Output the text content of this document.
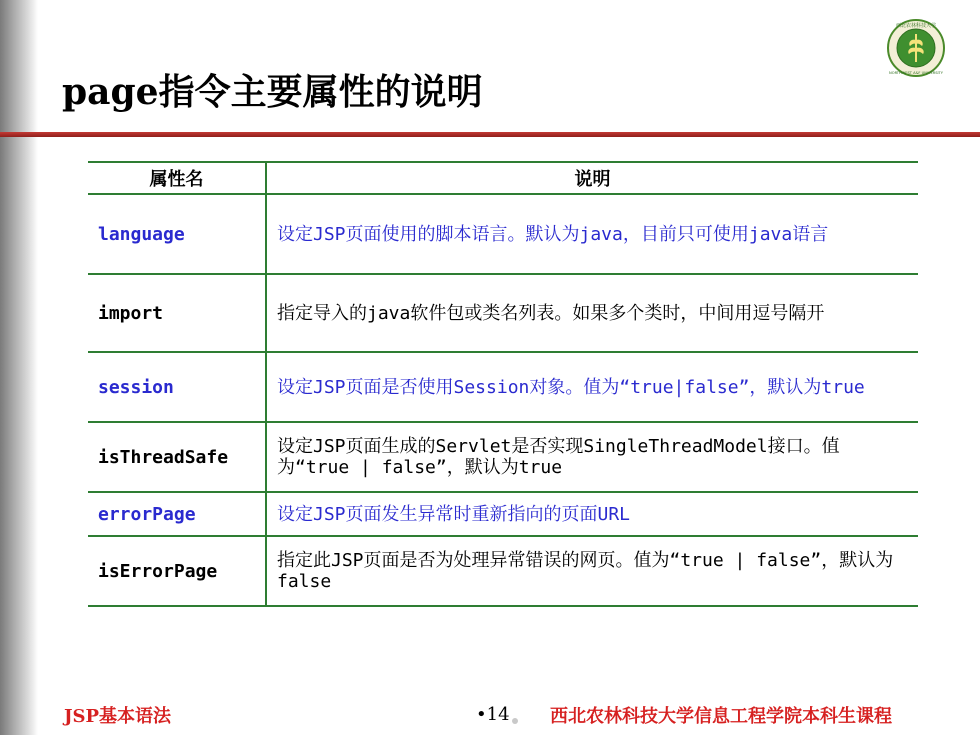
page指令主要属性的说明
西北农林科技大学
NORTHWEST A&F UNIVERSITY
属性名	说明
language	设定JSP页面使用的脚本语言。默认为java，目前只可使用java语言
import	指定导入的java软件包或类名列表。如果多个类时，中间用逗号隔开
session	设定JSP页面是否使用Session对象。值为“true|false”，默认为true
isThreadSafe	设定JSP页面生成的Servlet是否实现SingleThreadModel接口。值为“true | false”，默认为true
errorPage	设定JSP页面发生异常时重新指向的页面URL
isErrorPage	指定此JSP页面是否为处理异常错误的网页。值为“true | false”，默认为false
JSP基本语法	•14 西北农林科技大学信息工程学院本科生课程
